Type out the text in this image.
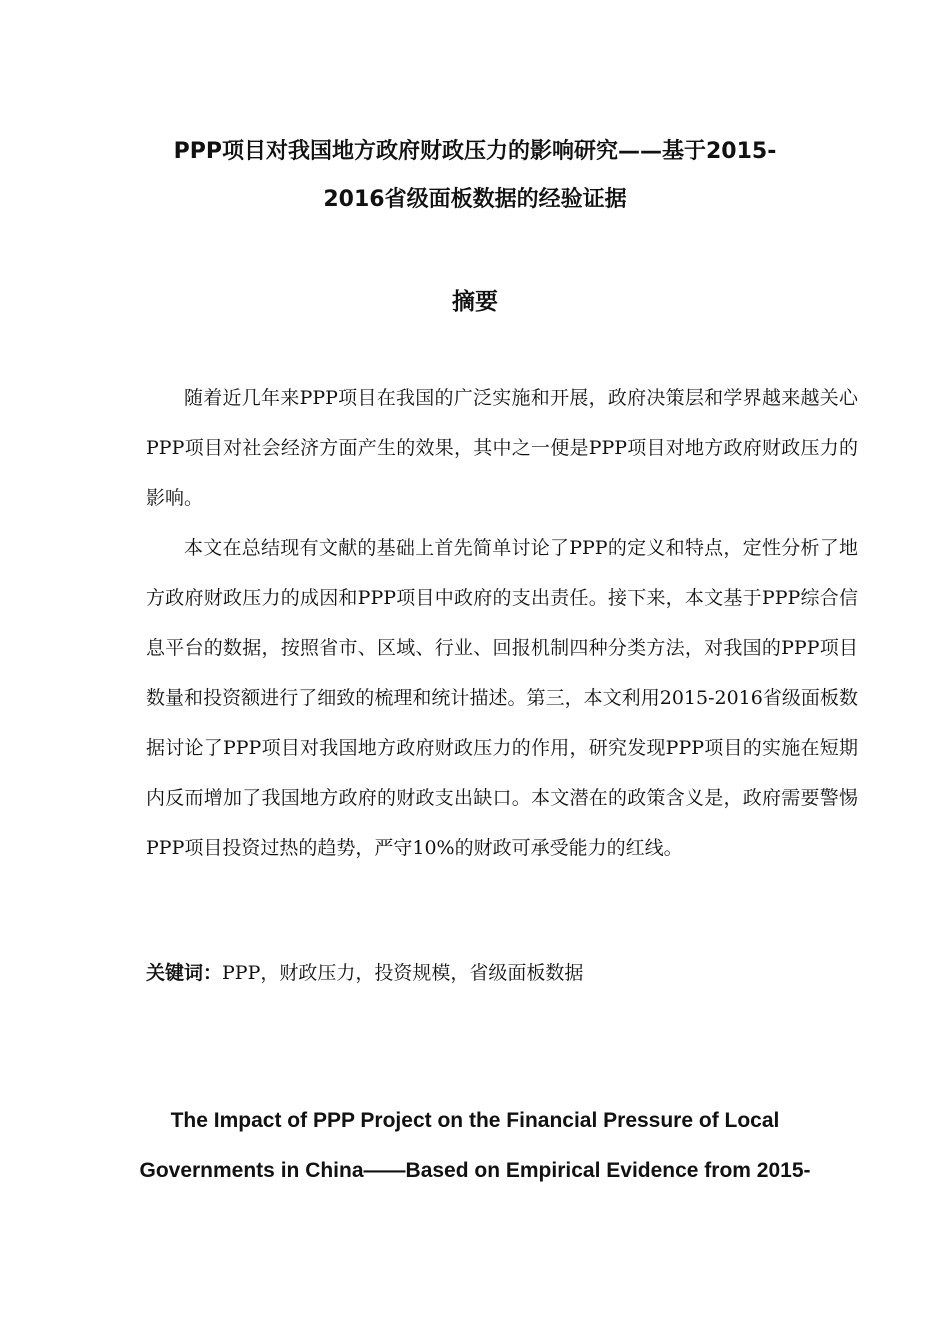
PPP项目对我国地方政府财政压力的影响研究——基于2015-
2016省级面板数据的经验证据
摘要

随着近几年来PPP项目在我国的广泛实施和开展，政府决策层和学界越来越关心PPP项目对社会经济方面产生的效果，其中之一便是PPP项目对地方政府财政压力的影响。

本文在总结现有文献的基础上首先简单讨论了PPP的定义和特点，定性分析了地方政府财政压力的成因和PPP项目中政府的支出责任。接下来，本文基于PPP综合信息平台的数据，按照省市、区域、行业、回报机制四种分类方法，对我国的PPP项目数量和投资额进行了细致的梳理和统计描述。第三，本文利用2015-2016省级面板数据讨论了PPP项目对我国地方政府财政压力的作用，研究发现PPP项目的实施在短期内反而增加了我国地方政府的财政支出缺口。本文潜在的政策含义是，政府需要警惕PPP项目投资过热的趋势，严守10%的财政可承受能力的红线。

关键词：PPP，财政压力，投资规模，省级面板数据

The Impact of PPP Project on the Financial Pressure of Local
Governments in China——Based on Empirical Evidence from 2015-
